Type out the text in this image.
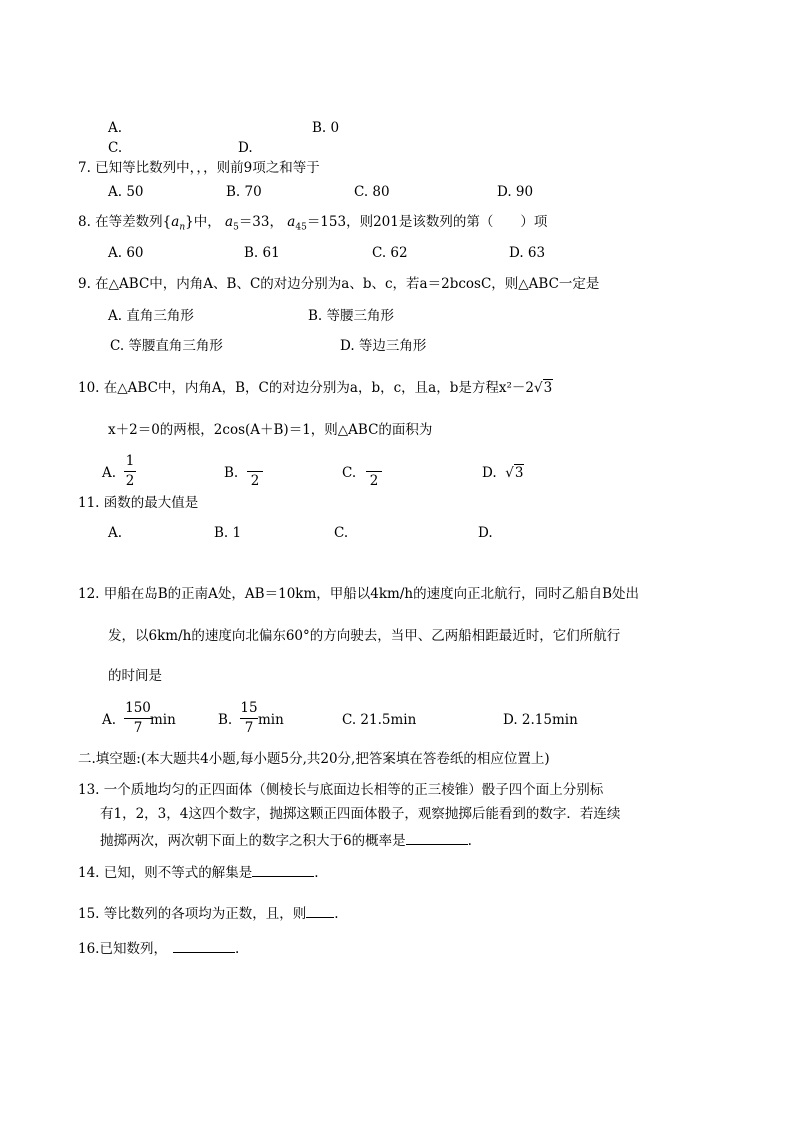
A.	B. 0
C.	D.
7. 已知等比数列中，，，则前9项之和等于
A. 50	B. 70	C. 80	D. 90
8. 在等差数列$\{a_n\}$中， $a_5=33$， $a_{45}=153$，则201是该数列的第（　　）项
A. 60	B. 61	C. 62	D. 63
9. 在△ABC中，内角A、B、C的对边分别为a、b、c，若a＝2bcosC，则△ABC一定是
A. 直角三角形	B. 等腰三角形
C. 等腰直角三角形	D. 等边三角形
10. 在△ABC中，内角A，B，C的对边分别为a，b，c，且a，b是方程x²－2√3
x＋2＝0的两根，2cos(A＋B)＝1，则△ABC的面积为
A.
1
2	B. 2	C. 2	D. √3
11. 函数的最大值是
A.	B. 1	C.	D.
12. 甲船在岛B的正南A处，AB＝10km，甲船以4km/h的速度向正北航行，同时乙船自B处出
发，以6km/h的速度向北偏东60°的方向驶去，当甲、乙两船相距最近时，它们所航行
的时间是
A.
150
7 min	B.
15
7 min	C. 21.5min	D. 2.15min
二.填空题:(本大题共4小题,每小题5分,共20分,把答案填在答卷纸的相应位置上)
13. 一个质地均匀的正四面体（侧棱长与底面边长相等的正三棱锥）骰子四个面上分别标
有1，2，3，4这四个数字，抛掷这颗正四面体骰子，观察抛掷后能看到的数字．若连续
抛掷两次，两次朝下面上的数字之积大于6的概率是	.
14. 已知，则不等式的解集是	.
15. 等比数列的各项均为正数，且，则 .
16.已知数列，	.
